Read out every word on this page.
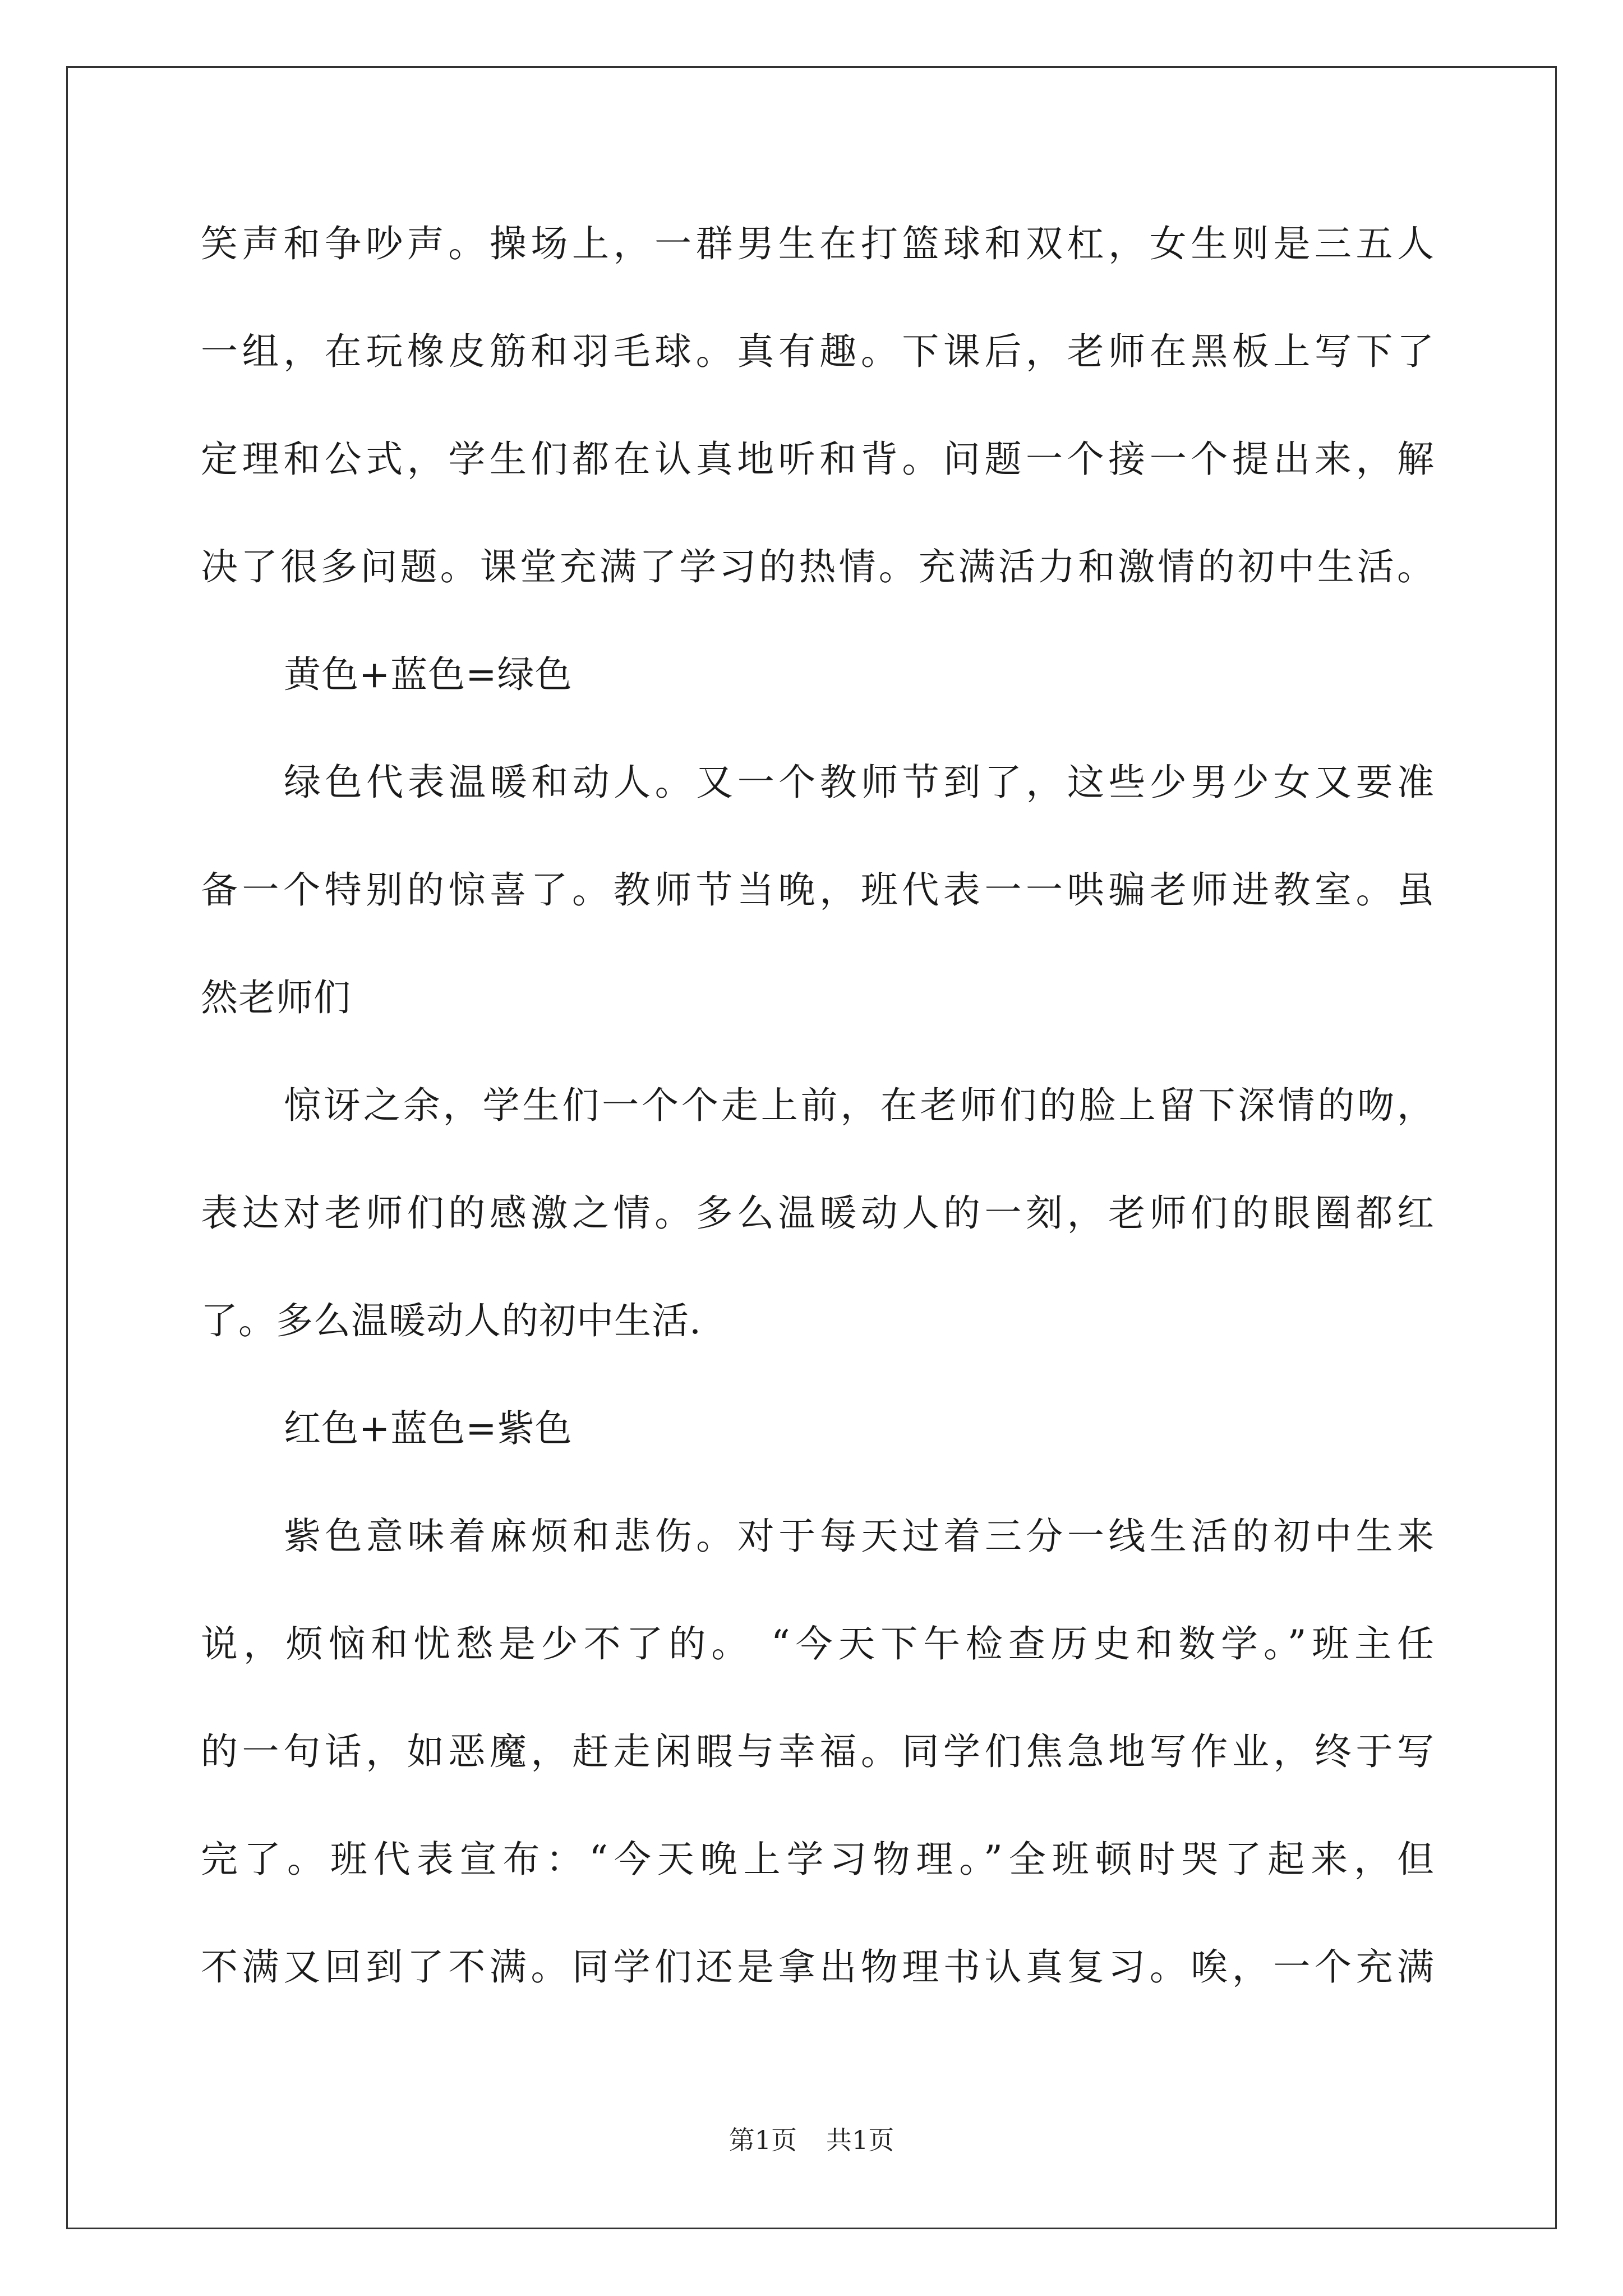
笑声和争吵声。操场上，一群男生在打篮球和双杠，女生则是三五人
一组，在玩橡皮筋和羽毛球。真有趣。下课后，老师在黑板上写下了
定理和公式，学生们都在认真地听和背。问题一个接一个提出来，解
决了很多问题。课堂充满了学习的热情。充满活力和激情的初中生活。
黄色+蓝色=绿色
绿色代表温暖和动人。又一个教师节到了，这些少男少女又要准
备一个特别的惊喜了。教师节当晚，班代表一一哄骗老师进教室。虽
然老师们
惊讶之余，学生们一个个走上前，在老师们的脸上留下深情的吻，
表达对老师们的感激之情。多么温暖动人的一刻，老师们的眼圈都红
了。多么温暖动人的初中生活.
红色+蓝色=紫色
紫色意味着麻烦和悲伤。对于每天过着三分一线生活的初中生来
说，烦恼和忧愁是少不了的。 “今天下午检查历史和数学。”班主任
的一句话，如恶魔，赶走闲暇与幸福。同学们焦急地写作业，终于写
完了。班代表宣布：“今天晚上学习物理。”全班顿时哭了起来，但
不满又回到了不满。同学们还是拿出物理书认真复习。唉，一个充满
第1页 共1页
